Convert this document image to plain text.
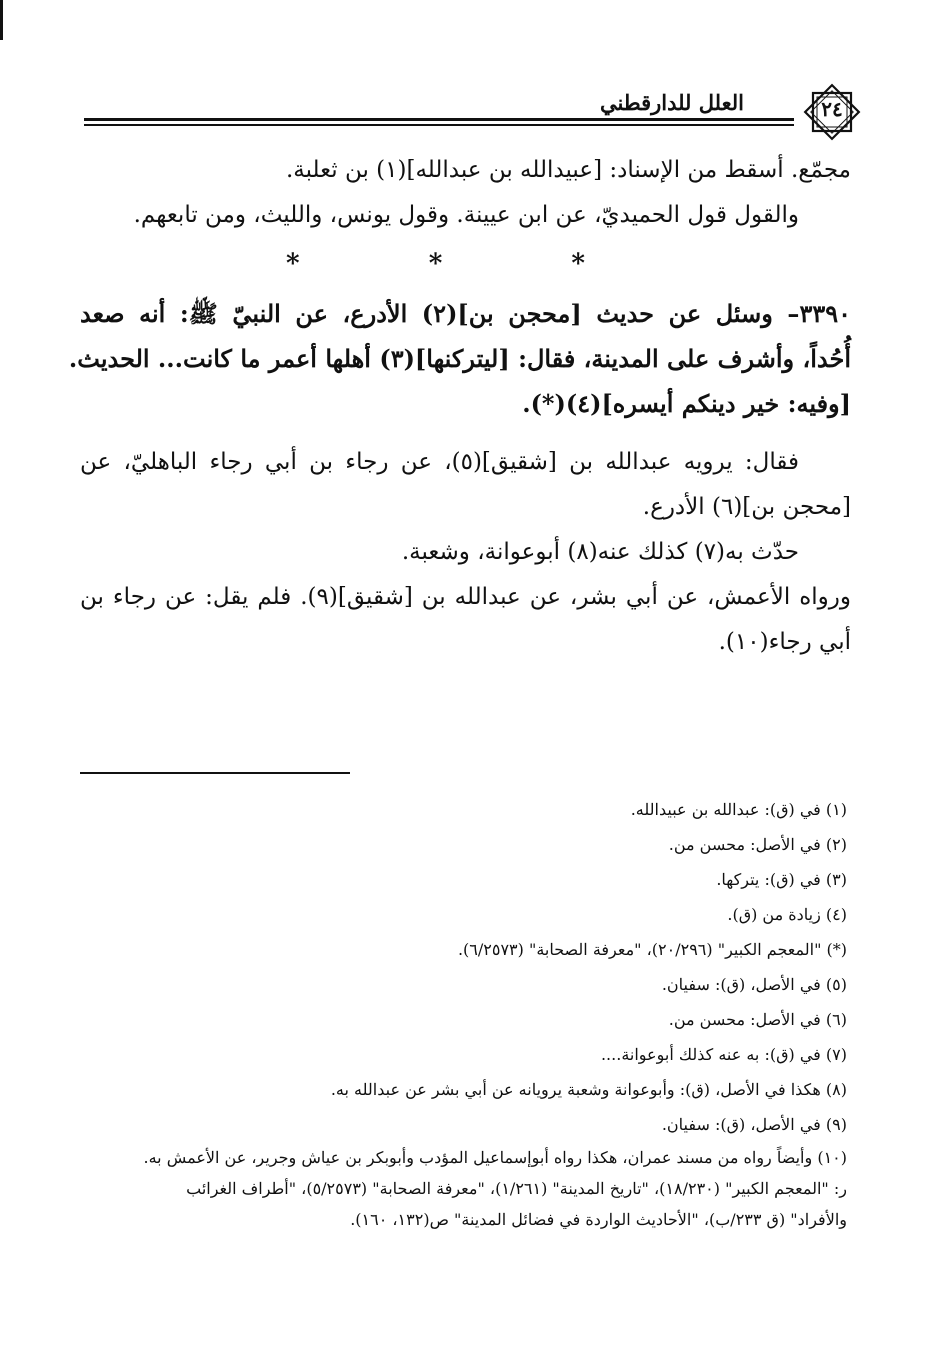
العلل للدارقطني	٢٤
مجمّع. أسقط من الإسناد: [عبيدالله بن عبدالله](١) بن ثعلبة.
والقول قول الحميديّ، عن ابن عيينة. وقول يونس، والليث، ومن تابعهم.
* * *
٣٣٩٠– وسئل عن حديث [محجن بن](٢) الأدرع، عن النبيّ ﷺ: أنه صعد
أُحُداً، وأشرف على المدينة، فقال: [ليتركنها](٣) أهلها أعمر ما كانت... الحديث.
[وفيه: خير دينكم أيسره](٤)(*).
فقال: يرويه عبدالله بن [شقيق](٥)، عن رجاء بن أبي رجاء الباهليّ، عن
[محجن بن](٦) الأدرع.
حدّث به(٧) كذلك عنه(٨) أبوعوانة، وشعبة.
ورواه الأعمش، عن أبي بشر، عن عبدالله بن [شقيق](٩). فلم يقل: عن رجاء بن
أبي رجاء(١٠).
(١) في (ق): عبدالله بن عبيدالله.
(٢) في الأصل: محسن من.
(٣) في (ق): يتركها.
(٤) زيادة من (ق).
(*) "المعجم الكبير" (٢٠/٢٩٦)، "معرفة الصحابة" (٦/٢٥٧٣).
(٥) في الأصل، (ق): سفيان.
(٦) في الأصل: محسن من.
(٧) في (ق): به عنه كذلك أبوعوانة....
(٨) هكذا في الأصل، (ق): وأبوعوانة وشعبة يرويانه عن أبي بشر عن عبدالله به.
(٩) في الأصل، (ق): سفيان.
(١٠) وأيضاً رواه من مسند عمران، هكذا رواه أبوإسماعيل المؤدب وأبوبكر بن عياش وجرير، عن الأعمش به.
ر: "المعجم الكبير" (١٨/٢٣٠)، "تاريخ المدينة" (١/٢٦١)، "معرفة الصحابة" (٥/٢٥٧٣)، "أطراف الغرائب
والأفراد" (ق ٢٣٣/ب)، "الأحاديث الواردة في فضائل المدينة" ص(١٣٢، ١٦٠).
